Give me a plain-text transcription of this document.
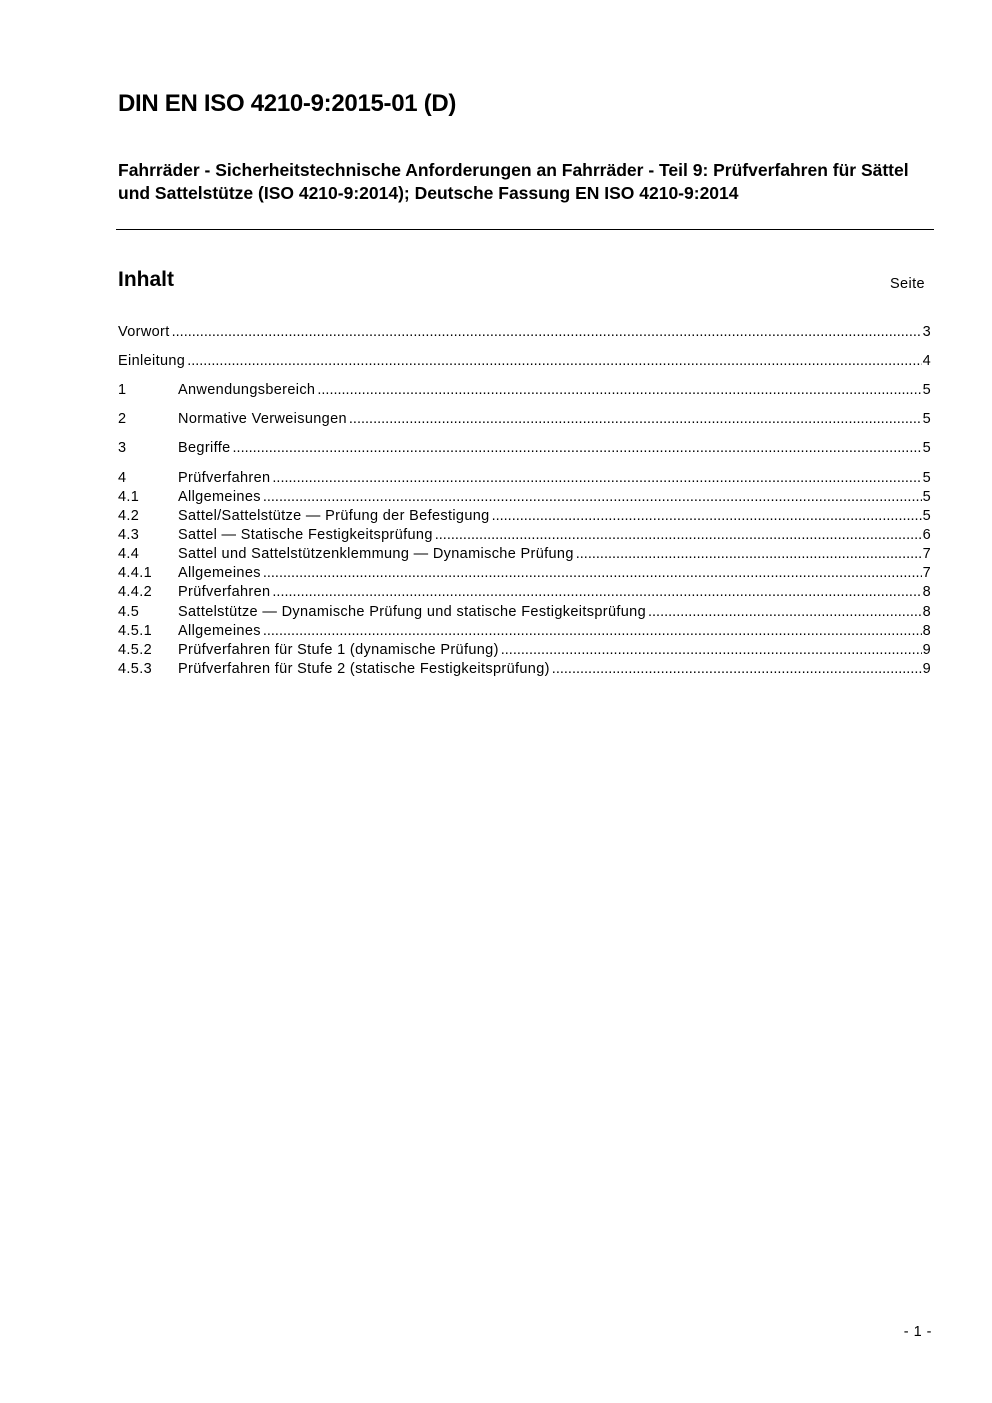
DIN EN ISO 4210-9:2015-01 (D)

Fahrräder - Sicherheitstechnische Anforderungen an Fahrräder - Teil 9: Prüfverfahren für Sättel und Sattelstütze (ISO 4210-9:2014); Deutsche Fassung EN ISO 4210-9:2014

Inhalt	Seite
Vorwort .....	3
Einleitung .....	4
1	Anwendungsbereich .....	5
2	Normative Verweisungen .....	5
3	Begriffe .....	5
4	Prüfverfahren .....	5
4.1	Allgemeines .....	5
4.2	Sattel/Sattelstütze — Prüfung der Befestigung .....	5
4.3	Sattel — Statische Festigkeitsprüfung .....	6
4.4	Sattel und Sattelstützenklemmung — Dynamische Prüfung .....	7
4.4.1	Allgemeines .....	7
4.4.2	Prüfverfahren .....	8
4.5	Sattelstütze — Dynamische Prüfung und statische Festigkeitsprüfung .....	8
4.5.1	Allgemeines .....	8
4.5.2	Prüfverfahren für Stufe 1 (dynamische Prüfung) .....	9
4.5.3	Prüfverfahren für Stufe 2 (statische Festigkeitsprüfung) .....	9
- 1 -
